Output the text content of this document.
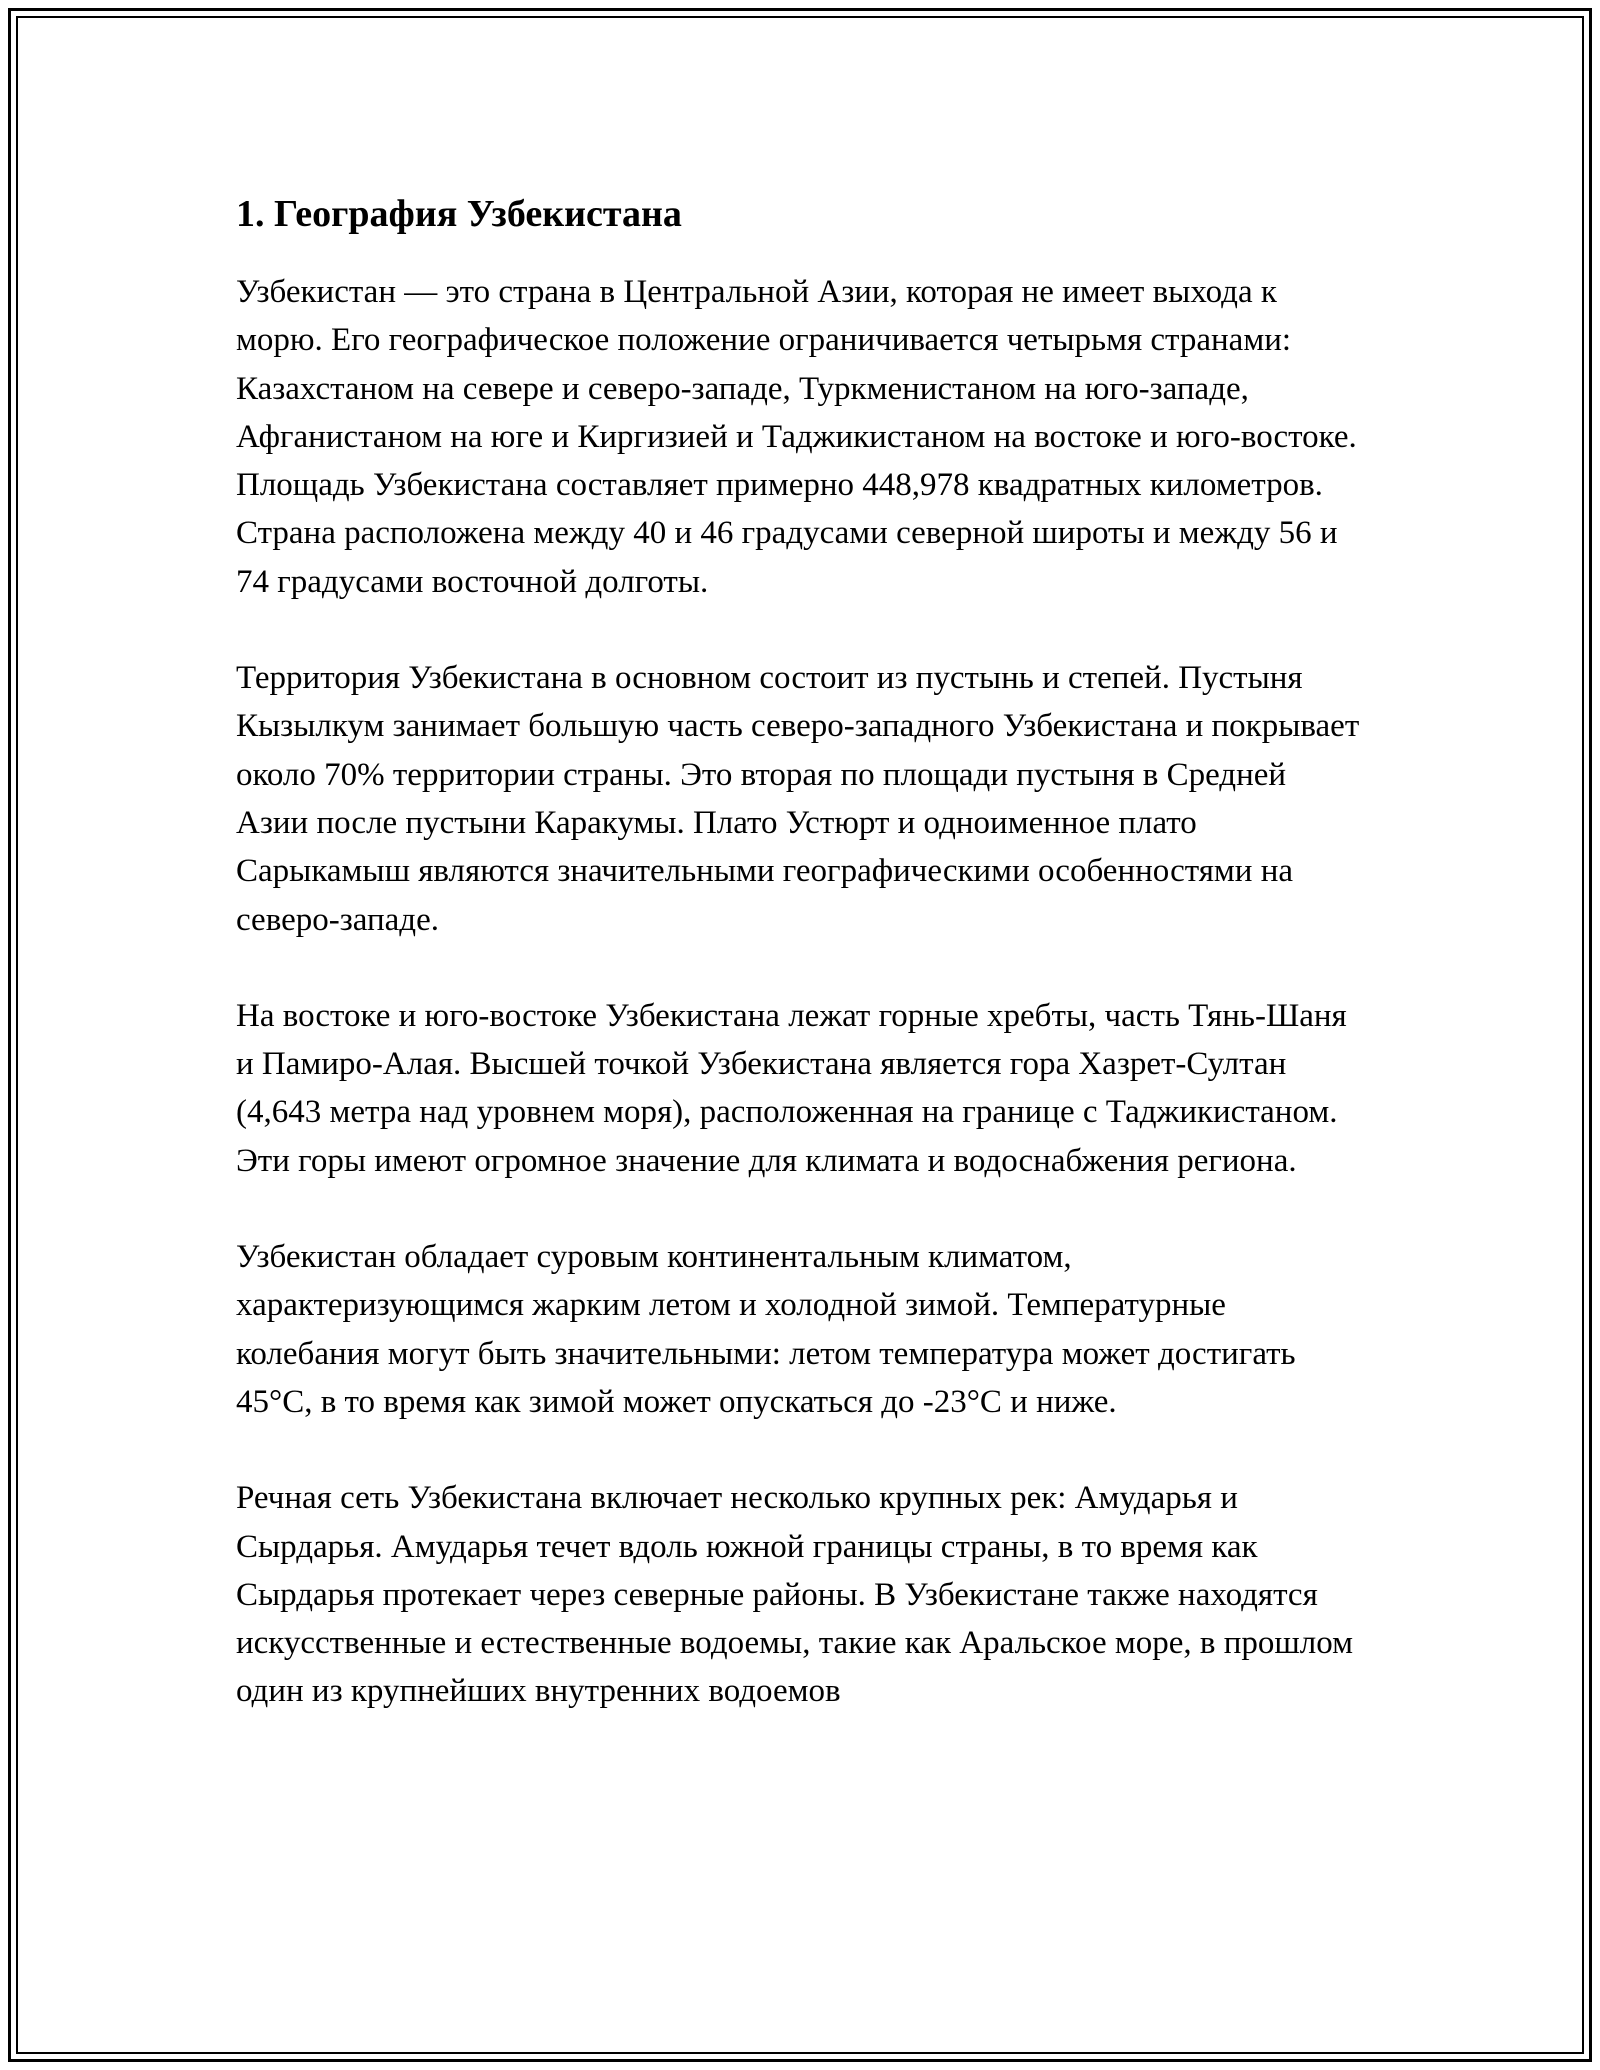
1. География Узбекистана

Узбекистан — это страна в Центральной Азии, которая не имеет выхода к морю. Его географическое положение ограничивается четырьмя странами: Казахстаном на севере и северо-западе, Туркменистаном на юго-западе, Афганистаном на юге и Киргизией и Таджикистаном на востоке и юго-востоке. Площадь Узбекистана составляет примерно 448,978 квадратных километров. Страна расположена между 40 и 46 градусами северной широты и между 56 и 74 градусами восточной долготы.

Территория Узбекистана в основном состоит из пустынь и степей. Пустыня Кызылкум занимает большую часть северо-западного Узбекистана и покрывает около 70% территории страны. Это вторая по площади пустыня в Средней Азии после пустыни Каракумы. Плато Устюрт и одноименное плато Сарыкамыш являются значительными географическими особенностями на северо-западе.

На востоке и юго-востоке Узбекистана лежат горные хребты, часть Тянь-Шаня и Памиро-Алая. Высшей точкой Узбекистана является гора Хазрет-Султан (4,643 метра над уровнем моря), расположенная на границе с Таджикистаном. Эти горы имеют огромное значение для климата и водоснабжения региона.

Узбекистан обладает суровым континентальным климатом, характеризующимся жарким летом и холодной зимой. Температурные колебания могут быть значительными: летом температура может достигать 45°C, в то время как зимой может опускаться до -23°C и ниже.

Речная сеть Узбекистана включает несколько крупных рек: Амударья и Сырдарья. Амударья течет вдоль южной границы страны, в то время как Сырдарья протекает через северные районы. В Узбекистане также находятся искусственные и естественные водоемы, такие как Аральское море, в прошлом один из крупнейших внутренних водоемов
